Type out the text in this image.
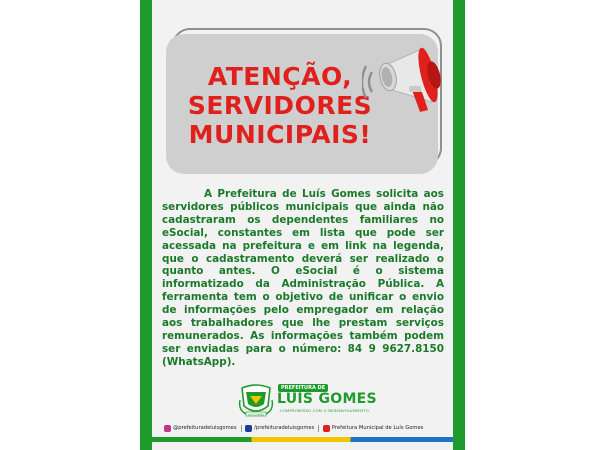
ATENÇÃO,
SERVIDORES
MUNICIPAIS!
A Prefeitura de Luís Gomes solicita aos servidores públicos municipais que ainda não cadastraram os dependentes familiares no eSocial, constantes em lista que pode ser acessada na prefeitura e em link na legenda, que o cadastramento deverá ser realizado o quanto antes. O eSocial é o sistema informatizado da Administração Pública. A ferramenta tem o objetivo de unificar o envio de informações pelo empregador em relação aos trabalhadores que lhe prestam serviços remunerados. As informações também podem ser enviadas para o número: 84 9 9627.8150 (WhatsApp).
LUÍS GOMES
PREFEITURA DE
LUÍS GOMES
COMPROMISSO COM O DESENVOLVIMENTO
@prefeituradeluisgomes	/prefeituradeluisgomes	Prefeitura Municipal de Luís Gomes
